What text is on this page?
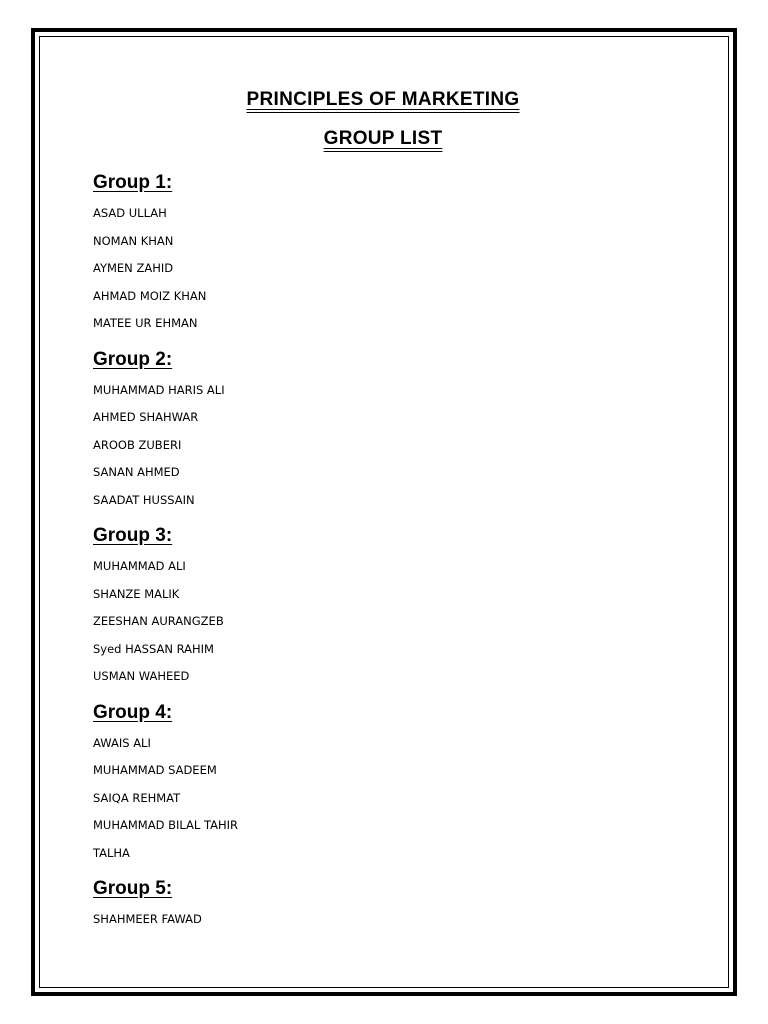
PRINCIPLES OF MARKETING
GROUP LIST
Group 1:
ASAD ULLAH
NOMAN KHAN
AYMEN ZAHID
AHMAD MOIZ KHAN
MATEE UR EHMAN
Group 2:
MUHAMMAD HARIS ALI
AHMED SHAHWAR
AROOB ZUBERI
SANAN AHMED
SAADAT HUSSAIN
Group 3:
MUHAMMAD ALI
SHANZE MALIK
ZEESHAN AURANGZEB
Syed HASSAN RAHIM
USMAN WAHEED
Group 4:
AWAIS ALI
MUHAMMAD SADEEM
SAIQA REHMAT
MUHAMMAD BILAL TAHIR
TALHA
Group 5:
SHAHMEER FAWAD
